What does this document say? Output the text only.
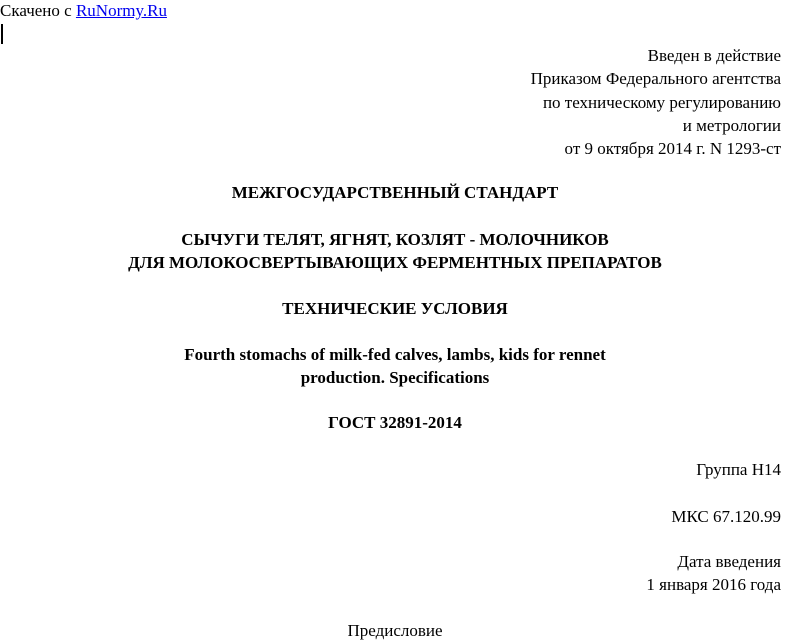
Скачено с RuNormy.Ru
Введен в действие
Приказом Федерального агентства
по техническому регулированию
и метрологии
от 9 октября 2014 г. N 1293-ст
МЕЖГОСУДАРСТВЕННЫЙ СТАНДАРТ
СЫЧУГИ ТЕЛЯТ, ЯГНЯТ, КОЗЛЯТ - МОЛОЧНИКОВ
ДЛЯ МОЛОКОСВЕРТЫВАЮЩИХ ФЕРМЕНТНЫХ ПРЕПАРАТОВ
ТЕХНИЧЕСКИЕ УСЛОВИЯ
Fourth stomachs of milk-fed calves, lambs, kids for rennet
production. Specifications
ГОСТ 32891-2014
Группа Н14
МКС 67.120.99
Дата введения
1 января 2016 года
Предисловие
